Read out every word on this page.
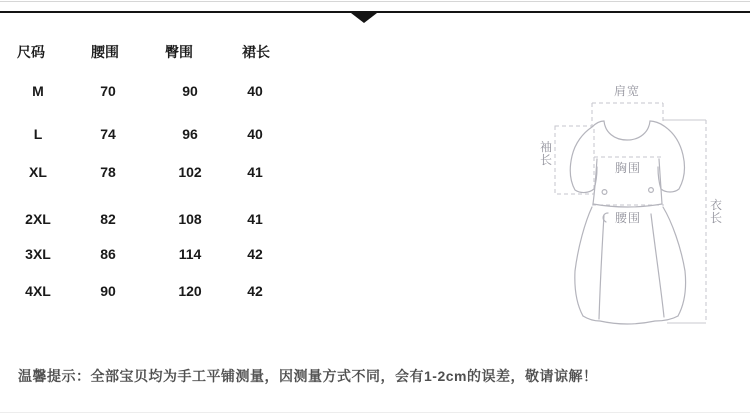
尺码	腰围	臀围	裙长
M	70	90	40
L	74	96	40
XL	78	102	41
2XL	82	108	41
3XL	86	114	42
4XL	90	120	42
肩宽
胸围
腰围
袖长
衣长
温馨提示：全部宝贝均为手工平铺测量，因测量方式不同，会有1-2cm的误差，敬请谅解！
